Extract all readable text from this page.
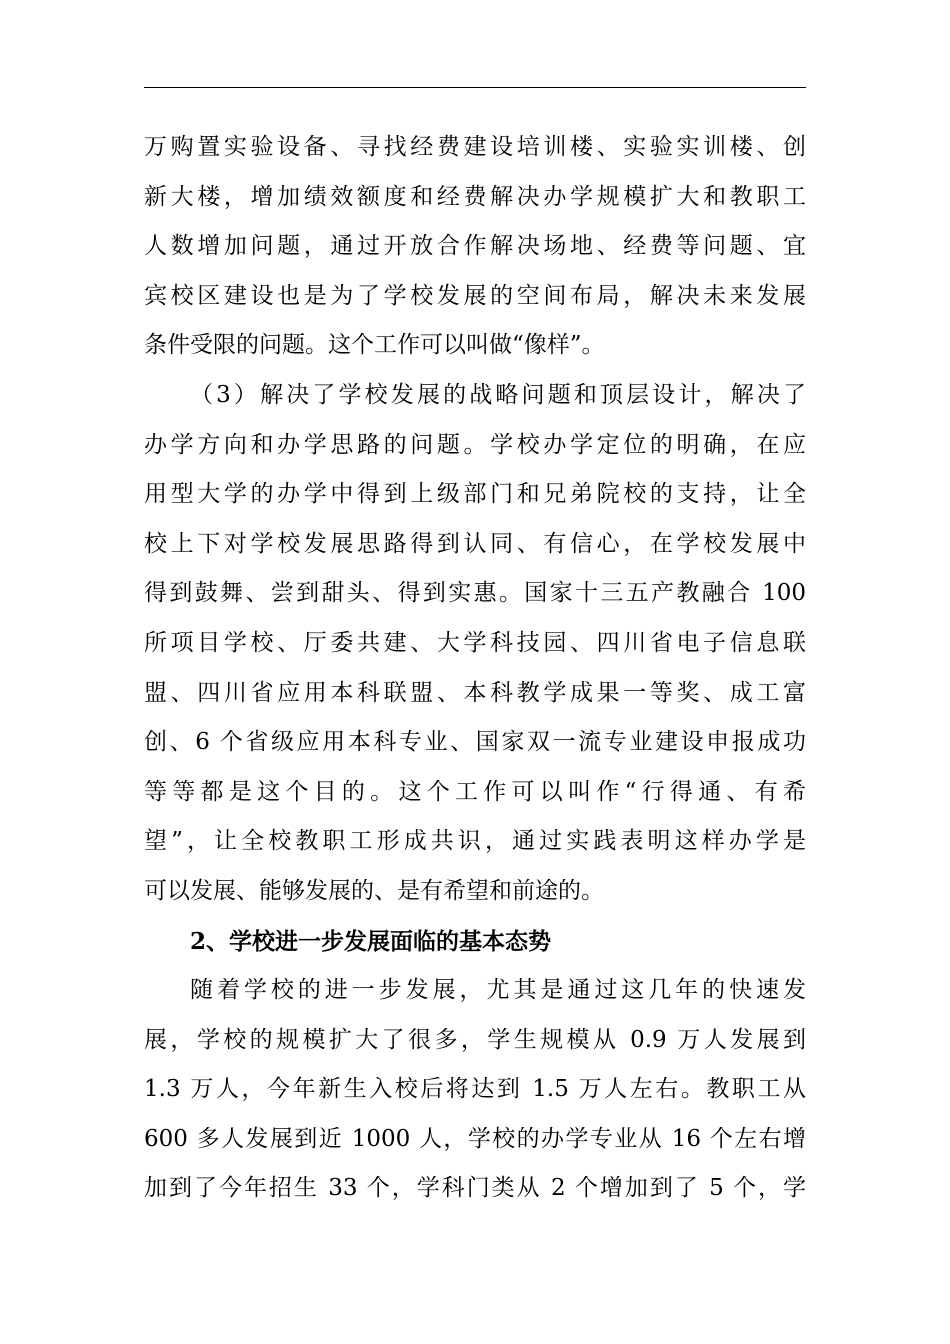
万购置实验设备、寻找经费建设培训楼、实验实训楼、创
新大楼，增加绩效额度和经费解决办学规模扩大和教职工
人数增加问题，通过开放合作解决场地、经费等问题、宜
宾校区建设也是为了学校发展的空间布局，解决未来发展
条件受限的问题。这个工作可以叫做“像样”。
（3）解决了学校发展的战略问题和顶层设计，解决了
办学方向和办学思路的问题。学校办学定位的明确，在应
用型大学的办学中得到上级部门和兄弟院校的支持，让全
校上下对学校发展思路得到认同、有信心，在学校发展中
得到鼓舞、尝到甜头、得到实惠。国家十三五产教融合 100
所项目学校、厅委共建、大学科技园、四川省电子信息联
盟、四川省应用本科联盟、本科教学成果一等奖、成工富
创、6 个省级应用本科专业、国家双一流专业建设申报成功
等等都是这个目的。这个工作可以叫作“行得通、有希
望”，让全校教职工形成共识，通过实践表明这样办学是
可以发展、能够发展的、是有希望和前途的。
2、学校进一步发展面临的基本态势
随着学校的进一步发展，尤其是通过这几年的快速发
展，学校的规模扩大了很多，学生规模从 0.9 万人发展到
1.3 万人，今年新生入校后将达到 1.5 万人左右。教职工从
600 多人发展到近 1000 人，学校的办学专业从 16 个左右增
加到了今年招生 33 个，学科门类从 2 个增加到了 5 个，学
